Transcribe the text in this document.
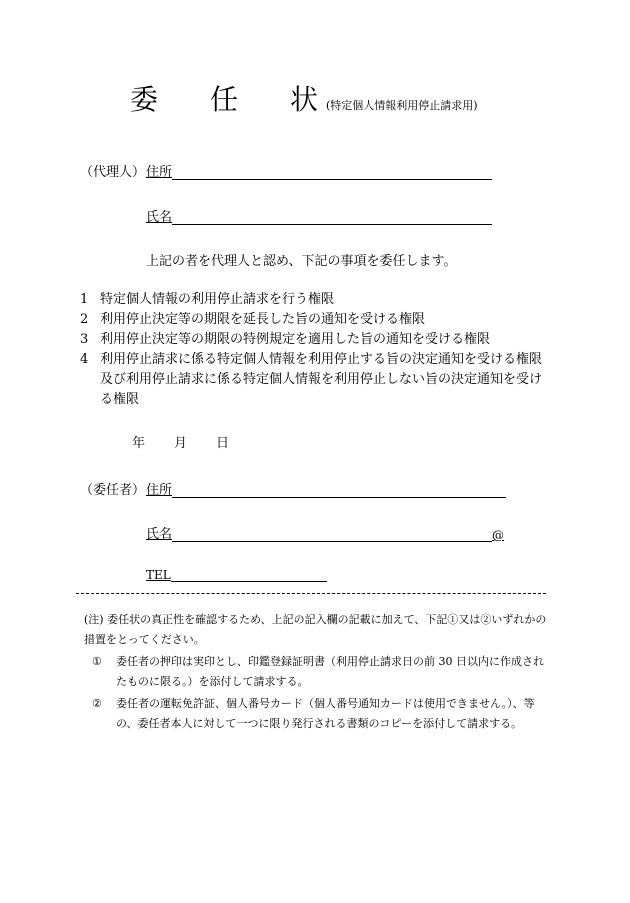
委	任	状 (特定個人情報利用停止請求用)
（代理人） 住所
氏名
上記の者を代理人と認め、下記の事項を委任します。
1 特定個人情報の利用停止請求を行う権限
2 利用停止決定等の期限を延長した旨の通知を受ける権限
3 利用停止決定等の期限の特例規定を適用した旨の通知を受ける権限
4 利用停止請求に係る特定個人情報を利用停止する旨の決定通知を受ける権限及び利用停止請求に係る特定個人情報を利用停止しない旨の決定通知を受ける権限
年	月	日
（委任者） 住所
氏名	@
TEL
(注) 委任状の真正性を確認するため、上記の記入欄の記載に加えて、下記①又は②いずれかの措置をとってください。
①	委任者の押印は実印とし、印鑑登録証明書（利用停止請求日の前 30 日以内に作成されたものに限る。）を添付して請求する。
②	委任者の運転免許証、個人番号カード（個人番号通知カードは使用できません。）、等の、委任者本人に対して一つに限り発行される書類のコピーを添付して請求する。
